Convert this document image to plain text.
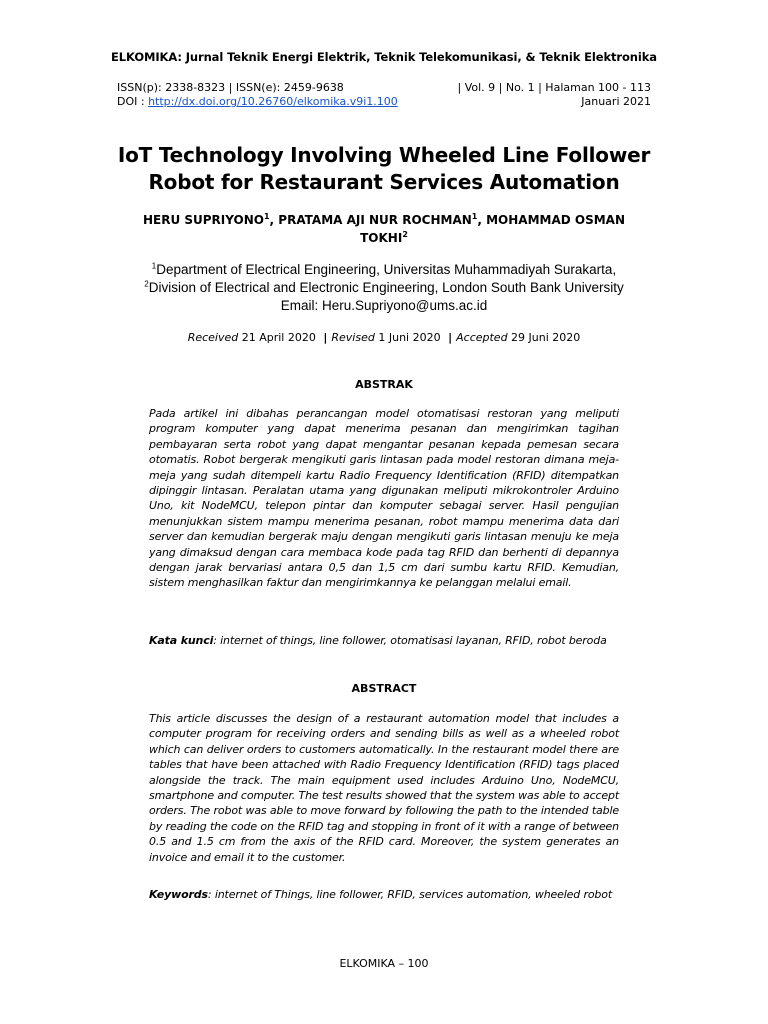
ELKOMIKA: Jurnal Teknik Energi Elektrik, Teknik Telekomunikasi, & Teknik Elektronika
ISSN(p): 2338-8323 | ISSN(e): 2459-9638	| Vol. 9 | No. 1 | Halaman 100 - 113
DOI : http://dx.doi.org/10.26760/elkomika.v9i1.100	Januari 2021
IoT Technology Involving Wheeled Line Follower
Robot for Restaurant Services Automation
HERU SUPRIYONO$^1$, PRATAMA AJI NUR ROCHMAN$^1$, MOHAMMAD OSMAN
TOKHI$^2$
$^1$Department of Electrical Engineering, Universitas Muhammadiyah Surakarta,
$^2$Division of Electrical and Electronic Engineering, London South Bank University
Email: Heru.Supriyono@ums.ac.id
Received 21 April 2020 | Revised 1 Juni 2020 | Accepted 29 Juni 2020
ABSTRAK
Pada artikel ini dibahas perancangan model otomatisasi restoran yang meliputi program komputer yang dapat menerima pesanan dan mengirimkan tagihan pembayaran serta robot yang dapat mengantar pesanan kepada pemesan secara otomatis. Robot bergerak mengikuti garis lintasan pada model restoran dimana meja-meja yang sudah ditempeli kartu Radio Frequency Identification (RFID) ditempatkan dipinggir lintasan. Peralatan utama yang digunakan meliputi mikrokontroler Arduino Uno, kit NodeMCU, telepon pintar dan komputer sebagai server. Hasil pengujian menunjukkan sistem mampu menerima pesanan, robot mampu menerima data dari server dan kemudian bergerak maju dengan mengikuti garis lintasan menuju ke meja yang dimaksud dengan cara membaca kode pada tag RFID dan berhenti di depannya dengan jarak bervariasi antara 0,5 dan 1,5 cm dari sumbu kartu RFID. Kemudian, sistem menghasilkan faktur dan mengirimkannya ke pelanggan melalui email.
Kata kunci: internet of things, line follower, otomatisasi layanan, RFID, robot beroda
ABSTRACT
This article discusses the design of a restaurant automation model that includes a computer program for receiving orders and sending bills as well as a wheeled robot which can deliver orders to customers automatically. In the restaurant model there are tables that have been attached with Radio Frequency Identification (RFID) tags placed alongside the track. The main equipment used includes Arduino Uno, NodeMCU, smartphone and computer. The test results showed that the system was able to accept orders. The robot was able to move forward by following the path to the intended table by reading the code on the RFID tag and stopping in front of it with a range of between 0.5 and 1.5 cm from the axis of the RFID card. Moreover, the system generates an invoice and email it to the customer.
Keywords: internet of Things, line follower, RFID, services automation, wheeled robot
ELKOMIKA – 100
